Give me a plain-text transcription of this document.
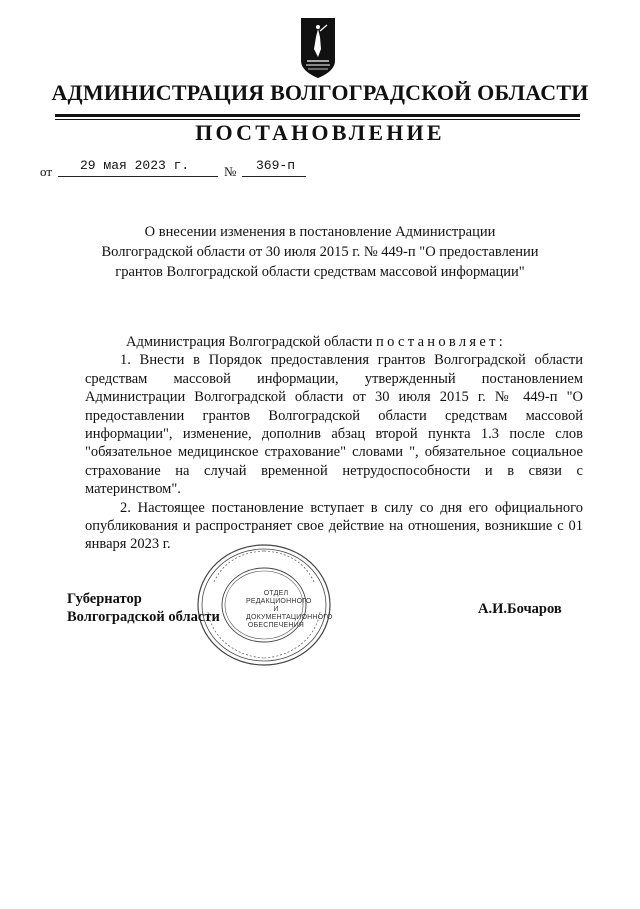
АДМИНИСТРАЦИЯ ВОЛГОГРАДСКОЙ ОБЛАСТИ
ПОСТАНОВЛЕНИЕ
от 29 мая 2023 г.	№ 369-п
О внесении изменения в постановление Администрации
Волгоградской области от 30 июля 2015 г. № 449-п "О предоставлении
грантов Волгоградской области средствам массовой информации"

Администрация Волгоградской области постановляет:

1. Внести в Порядок предоставления грантов Волгоградской области средствам массовой информации, утвержденный постановлением Администрации Волгоградской области от 30 июля 2015 г. № 449-п "О предоставлении грантов Волгоградской области средствам массовой информации", изменение, дополнив абзац второй пункта 1.3 после слов "обязательное медицинское страхование" словами ", обязательное социальное страхование на случай временной нетрудоспособности и в связи с материнством".

2. Настоящее постановление вступает в силу со дня его официального опубликования и распространяет свое действие на отношения, возникшие с 01 января 2023 г.

ОТДЕЛ РЕДАКЦИОННОГО И ДОКУМЕНТАЦИОННОГО ОБЕСПЕЧЕНИЯ
Губернатор
Волгоградской области	А.И.Бочаров
